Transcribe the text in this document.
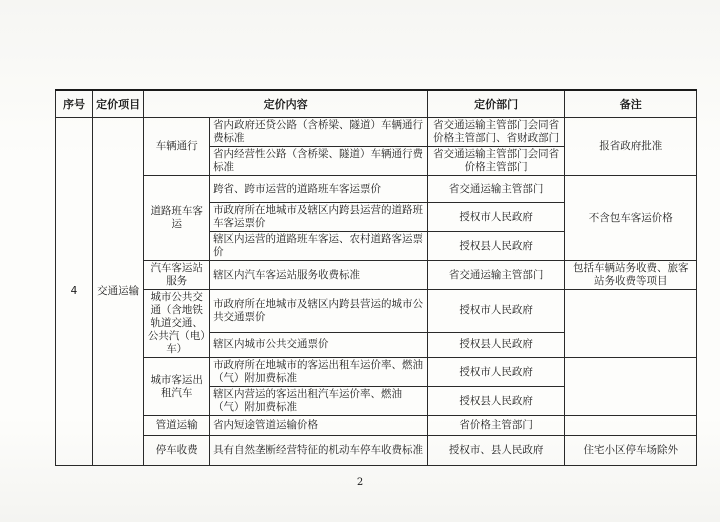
序号	定价项目	定价内容		定价部门	备注
4	交通运输	车辆通行	省内政府还贷公路（含桥梁、隧道）车辆通行费标准	省交通运输主管部门会同省价格主管部门、省财政部门	报省政府批准
			省内经营性公路（含桥梁、隧道）车辆通行费标准	省交通运输主管部门会同省价格主管部门	
		道路班车客运	跨省、跨市运营的道路班车客运票价	省交通运输主管部门	不含包车客运价格
			市政府所在地城市及辖区内跨县运营的道路班车客运票价	授权市人民政府	
			辖区内运营的道路班车客运、农村道路客运票价	授权县人民政府	
		汽车客运站服务	辖区内汽车客运站服务收费标准	省交通运输主管部门	包括车辆站务收费、旅客站务收费等项目
		城市公共交通（含地铁轨道交通、公共汽（电）车）	市政府所在地城市及辖区内跨县营运的城市公共交通票价	授权市人民政府	
			辖区内城市公共交通票价	授权县人民政府	
		城市客运出租汽车	市政府所在地城市的客运出租车运价率、燃油（气）附加费标准	授权市人民政府	
			辖区内营运的客运出租汽车运价率、燃油（气）附加费标准	授权县人民政府	
		管道运输	省内短途管道运输价格	省价格主管部门	
		停车收费	具有自然垄断经营特征的机动车停车收费标准	授权市、县人民政府	住宅小区停车场除外
2
